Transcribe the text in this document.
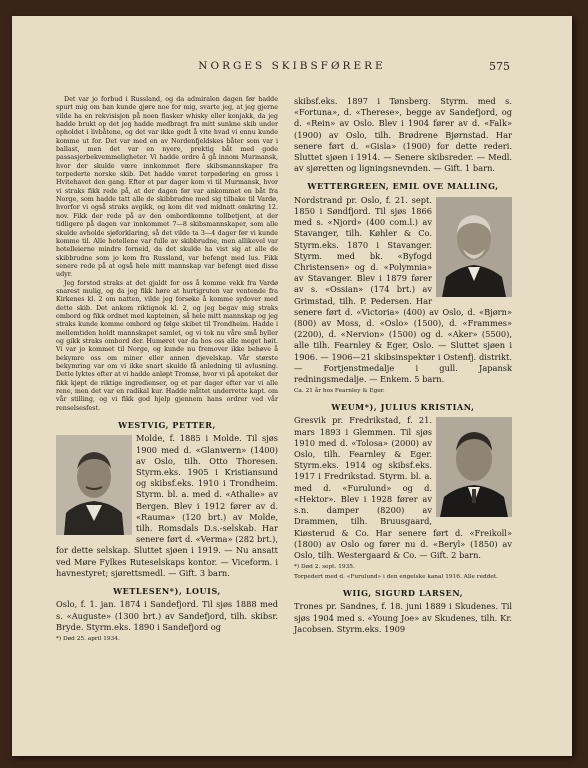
NORGES SKIBSFØRERE	575

Det var jo forbud i Russland, og da admiralen dagen før hadde spurt mig om han kunde gjøre noe for mig, svarte jeg, at jeg gjerne vilde ha en rekvisisjon på noen flasker whisky eller konjakk, da jeg hadde brukt op det jeg hadde medbragt fra mitt sunkne skib under opholdet i livbåtene, og det var ikke godt å vite hvad vi ennu kunde komme ut for. Det var med en av Nordenfjeldskes båter som var i ballast, men det var en nyere, prektig båt med gode passasjerbekvemmeligheter. Vi hadde ordre å gå innom Murmansk, hvor der skulde være innkommet flere skibsmannskaper fra torpederte norske skib. Det hadde været torpedering en gross i Hvitehavet den gang. Efter et par dager kom vi til Murmansk, hvor vi straks fikk rede på, at der dagen før var ankommet en båt fra Norge, som hadde tatt alle de skibbrudne med sig tilbake til Vardø, hvorfor vi også straks avgikk, og kom dit ved midnatt omkring 12. nov. Fikk der rede på av den ombordkomne tollbetjent, at der tidligere på dagen var innkommet 7—8 skibsmannskaper, som alle skulde avholde sjøforklaring, så det vilde ta 3—4 dager før vi kunde komme til. Alle hotellene var fulle av skibbrudne, men allikevel var hotelleierne mindre forneid, da det skulde ha vist sig at alle de skibbrudne som jo kom fra Russland, var befengt med lus. Fikk senere rede på at også hele mitt mannskap var befengt med disse udyr.

Jeg forstod straks at det gjaldt for oss å komme vekk fra Vardø snarest mulig, og da jeg fikk høre at hurtigruten var ventende fra Kirkenes kl. 2 om natten, vilde jeg forsøke å komme sydover med dette skib. Det ankom riktignok kl. 2, og jeg begav mig straks ombord og fikk ordnet med kapteinen, så hele mitt mannskap og jeg straks kunde komme ombord og følge skibet til Trondheim. Hadde i mellemtiden holdt mannskapet samlet, og vi tok nu våre små byller og gikk straks ombord der. Humøret var da hos oss alle meget høit. Vi var jo kommet til Norge, og kunde nu fremover ikke behøve å bekymre oss om miner eller annen djevelskap. Vår største bekymring var om vi ikke snart skulde få anledning til avlusning. Dette lyktes efter at vi hadde anløpt Tromsø, hvor vi på apoteket der fikk kjøpt de riktige ingredienser, og et par dager efter var vi alle rene, men det var en radikal kur. Hadde måttet underrette kapt. om vår stilling, og vi fikk god hjelp gjennem hans ordrer ved vår renselsesfest.

WESTVIG, PETTER,
Molde, f. 1885 i Molde. Til sjøs 1900 med d. «Glanwern» (1400) av Oslo, tilh. Otto Thoresen. Styrm.eks. 1905 i Kristiansund og skibsf.eks. 1910 i Trondheim. Styrm. bl. a. med d. «Athalie» av Bergen. Blev i 1912 fører av d. «Rauma» (120 brt.) av Molde, tilh. Romsdals D.s.-selskab. Har senere ført d. «Verma» (282 brt.), for dette selskap. Sluttet sjøen i 1919. — Nu ansatt ved Møre Fylkes Ruteselskaps kontor. — Viceform. i havnestyret; sjørettsmedl. — Gift. 3 barn.
WETLESEN*), LOUIS,
Oslo, f. 1. jan. 1874 i Sandefjord. Til sjøs 1888 med s. «Auguste» (1300 brt.) av Sandefjord, tilh. skibsr. Bryde. Styrm.eks. 1890 i Sandefjord og
*) Død 25. april 1934.
skibsf.eks. 1897 i Tønsberg. Styrm. med s. «Fortuna», d. «Therese», begge av Sandefjord, og d. «Rein» av Oslo. Blev i 1904 fører av d. «Falk» (1900) av Oslo, tilh. Brødrene Bjørnstad. Har senere ført d. «Gisla» (1900) for dette rederi. Sluttet sjøen i 1914. — Senere skibsreder. — Medl. av sjøretten og ligningsnevnden. — Gift. 1 barn.
WETTERGREEN, EMIL OVE MALLING,
Nordstrand pr. Oslo, f. 21. sept. 1850 i Søndfjord. Til sjøs 1866 med s. «Njord» (400 com.l.) av Stavanger, tilh. Køhler & Co. Styrm.eks. 1870 i Stavanger. Styrm. med bk. «Byfogd Christensen» og d. «Polymnia» av Stavanger. Blev i 1879 fører av s. «Ossian» (174 brt.) av Grimstad, tilh. P. Pedersen. Har senere ført d. «Victoria» (400) av Oslo, d. «Bjørn» (800) av Moss, d. «Oslo» (1500), d. «Frammes» (2200), d. «Nervion» (1500) og d. «Aker» (5500), alle tilh. Fearnley & Eger, Oslo. — Sluttet sjøen i 1906. — 1906—21 skibsinspektør i Ostenfj. distrikt. — Fortjenstmedalje i gull. Japansk redningsmedalje. — Enkem. 5 barn.
Ca. 21 år hos Fearnley & Eger.
WEUM*), JULIUS KRISTIAN,
Gresvik pr. Fredrikstad, f. 21. mars 1893 i Glemmen. Til sjøs 1910 med d. «Tolosa» (2000) av Oslo, tilh. Fearnley & Eger. Styrm.eks. 1914 og skibsf.eks. 1917 i Fredrikstad. Styrm. bl. a. med d. «Furulund» og d. «Hektor». Blev i 1928 fører av s.n. damper (8200) av Drammen, tilh. Bruusgaard, Kiøsterud & Co. Har senere ført d. «Freikoll» (1800) av Oslo og fører nu d. «Beryl» (1850) av Oslo, tilh. Westergaard & Co. — Gift. 2 barn.
*) Død 2. sept. 1935.
Torpedert med d. «Furulund» i den engelske kanal 1916. Alle reddet.
WIIG, SIGURD LARSEN,
Trones pr. Sandnes, f. 18. juni 1889 i Skudenes. Til sjøs 1904 med s. «Young Joe» av Skudenes, tilh. Kr. Jacobsen. Styrm.eks. 1909
